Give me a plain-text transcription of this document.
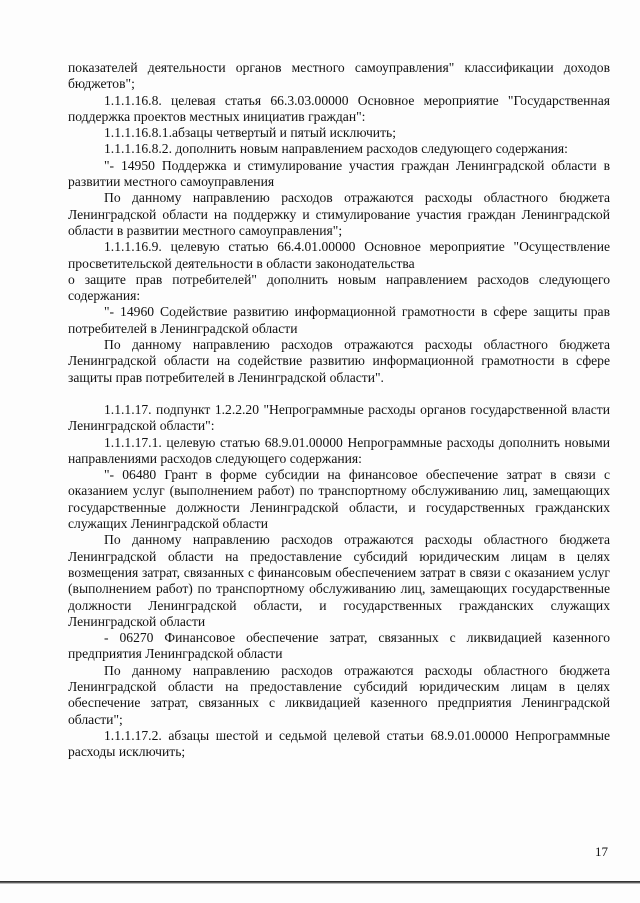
показателей деятельности органов местного самоуправления" классификации доходов бюджетов";

1.1.1.16.8. целевая статья 66.3.03.00000 Основное мероприятие "Государственная поддержка проектов местных инициатив граждан":

1.1.1.16.8.1.абзацы четвертый и пятый исключить;

1.1.1.16.8.2. дополнить новым направлением расходов следующего содержания:

"- 14950 Поддержка и стимулирование участия граждан Ленинградской области в развитии местного самоуправления

По данному направлению расходов отражаются расходы областного бюджета Ленинградской области на поддержку и стимулирование участия граждан Ленинградской области в развитии местного самоуправления";

1.1.1.16.9. целевую статью 66.4.01.00000 Основное мероприятие "Осуществление просветительской деятельности в области законодательства

о защите прав потребителей" дополнить новым направлением расходов следующего содержания:

"- 14960 Содействие развитию информационной грамотности в сфере защиты прав потребителей в Ленинградской области

По данному направлению расходов отражаются расходы областного бюджета Ленинградской области на содействие развитию информационной грамотности в сфере защиты прав потребителей в Ленинградской области".

1.1.1.17. подпункт 1.2.2.20 "Непрограммные расходы органов государственной власти Ленинградской области":

1.1.1.17.1. целевую статью 68.9.01.00000 Непрограммные расходы дополнить новыми направлениями расходов следующего содержания:

"- 06480 Грант в форме субсидии на финансовое обеспечение затрат в связи с оказанием услуг (выполнением работ) по транспортному обслуживанию лиц, замещающих государственные должности Ленинградской области, и государственных гражданских служащих Ленинградской области

По данному направлению расходов отражаются расходы областного бюджета Ленинградской области на предоставление субсидий юридическим лицам в целях возмещения затрат, связанных с финансовым обеспечением затрат в связи с оказанием услуг (выполнением работ) по транспортному обслуживанию лиц, замещающих государственные должности Ленинградской области, и государственных гражданских служащих Ленинградской области

- 06270 Финансовое обеспечение затрат, связанных с ликвидацией казенного предприятия Ленинградской области

По данному направлению расходов отражаются расходы областного бюджета Ленинградской области на предоставление субсидий юридическим лицам в целях обеспечение затрат, связанных с ликвидацией казенного предприятия Ленинградской области";

1.1.1.17.2. абзацы шестой и седьмой целевой статьи 68.9.01.00000 Непрограммные расходы исключить;

17
